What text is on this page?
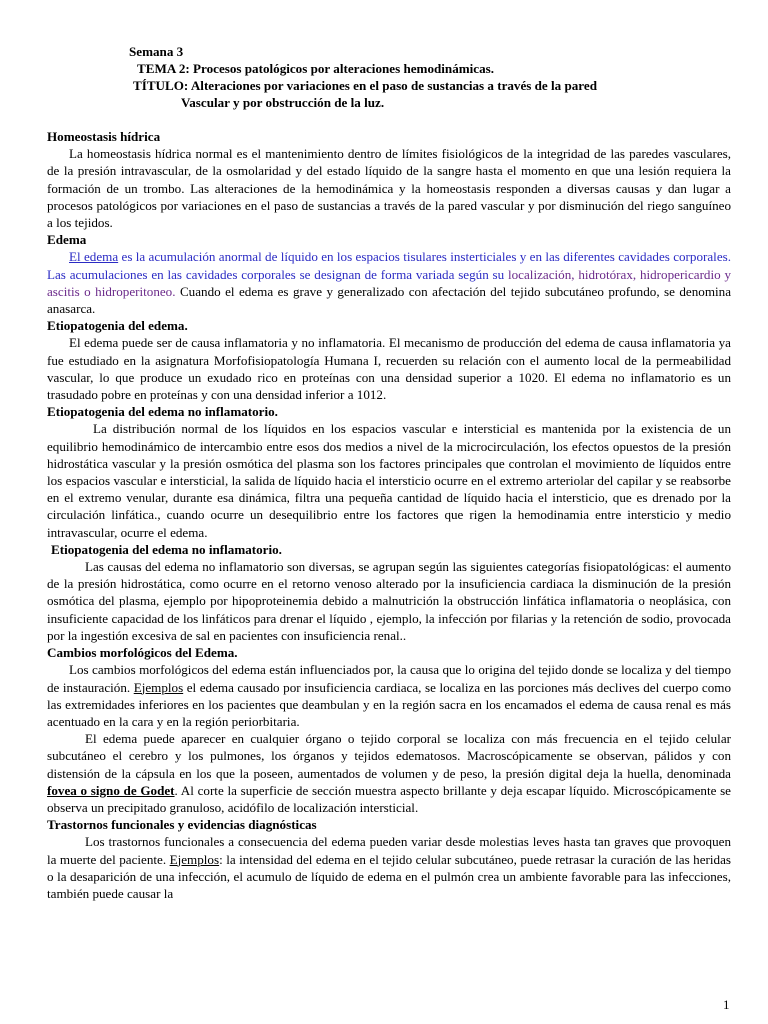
Semana 3
TEMA 2: Procesos patológicos por alteraciones hemodinámicas.
TÍTULO: Alteraciones por variaciones en el paso de sustancias a través de la pared
Vascular y por obstrucción de la luz.

Homeostasis hídrica

La homeostasis hídrica normal es el mantenimiento dentro de límites fisiológicos de la integridad de las paredes vasculares, de la presión intravascular, de la osmolaridad y del estado líquido de la sangre hasta el momento en que una lesión requiera la formación de un trombo. Las alteraciones de la hemodinámica y la homeostasis responden a diversas causas y dan lugar a procesos patológicos por variaciones en el paso de sustancias a través de la pared vascular y por disminución del riego sanguíneo a los tejidos.

Edema

El edema es la acumulación anormal de líquido en los espacios tisulares insterticiales y en las diferentes cavidades corporales. Las acumulaciones en las cavidades corporales se designan de forma variada según su localización, hidrotórax, hidropericardio y ascitis o hidroperitoneo. Cuando el edema es grave y generalizado con afectación del tejido subcutáneo profundo, se denomina anasarca.

Etiopatogenia del edema.

El edema puede ser de causa inflamatoria y no inflamatoria. El mecanismo de producción del edema de causa inflamatoria ya fue estudiado en la asignatura Morfofisiopatología Humana I, recuerden su relación con el aumento local de la permeabilidad vascular, lo que produce un exudado rico en proteínas con una densidad superior a 1020. El edema no inflamatorio es un trasudado pobre en proteínas y con una densidad inferior a 1012.

Etiopatogenia del edema no inflamatorio.

La distribución normal de los líquidos en los espacios vascular e intersticial es mantenida por la existencia de un equilibrio hemodinámico de intercambio entre esos dos medios a nivel de la microcirculación, los efectos opuestos de la presión hidrostática vascular y la presión osmótica del plasma son los factores principales que controlan el movimiento de líquidos entre los espacios vascular e intersticial, la salida de líquido hacia el intersticio ocurre en el extremo arteriolar del capilar y se reabsorbe en el extremo venular, durante esa dinámica, filtra una pequeña cantidad de líquido hacia el intersticio, que es drenado por la circulación linfática., cuando ocurre un desequilibrio entre los factores que rigen la hemodinamia entre intersticio y medio intravascular, ocurre el edema.

Etiopatogenia del edema no inflamatorio.

Las causas del edema no inflamatorio son diversas, se agrupan según las siguientes categorías fisiopatológicas: el aumento de la presión hidrostática, como ocurre en el retorno venoso alterado por la insuficiencia cardiaca la disminución de la presión osmótica del plasma, ejemplo por hipoproteinemia debido a malnutrición la obstrucción linfática inflamatoria o neoplásica, con insuficiente capacidad de los linfáticos para drenar el líquido , ejemplo, la infección por filarias y la retención de sodio, provocada por la ingestión excesiva de sal en pacientes con insuficiencia renal..

Cambios morfológicos del Edema.

Los cambios morfológicos del edema están influenciados por, la causa que lo origina del tejido donde se localiza y del tiempo de instauración. Ejemplos el edema causado por insuficiencia cardiaca, se localiza en las porciones más declives del cuerpo como las extremidades inferiores en los pacientes que deambulan y en la región sacra en los encamados el edema de causa renal es más acentuado en la cara y en la región periorbitaria.

El edema puede aparecer en cualquier órgano o tejido corporal se localiza con más frecuencia en el tejido celular subcutáneo el cerebro y los pulmones, los órganos y tejidos edematosos. Macroscópicamente se observan, pálidos y con distensión de la cápsula en los que la poseen, aumentados de volumen y de peso, la presión digital deja la huella, denominada fovea o signo de Godet. Al corte la superficie de sección muestra aspecto brillante y deja escapar líquido. Microscópicamente se observa un precipitado granuloso, acidófilo de localización intersticial.

Trastornos funcionales y evidencias diagnósticas

Los trastornos funcionales a consecuencia del edema pueden variar desde molestias leves hasta tan graves que provoquen la muerte del paciente. Ejemplos: la intensidad del edema en el tejido celular subcutáneo, puede retrasar la curación de las heridas o la desaparición de una infección, el acumulo de líquido de edema en el pulmón crea un ambiente favorable para las infecciones, también puede causar la

1
